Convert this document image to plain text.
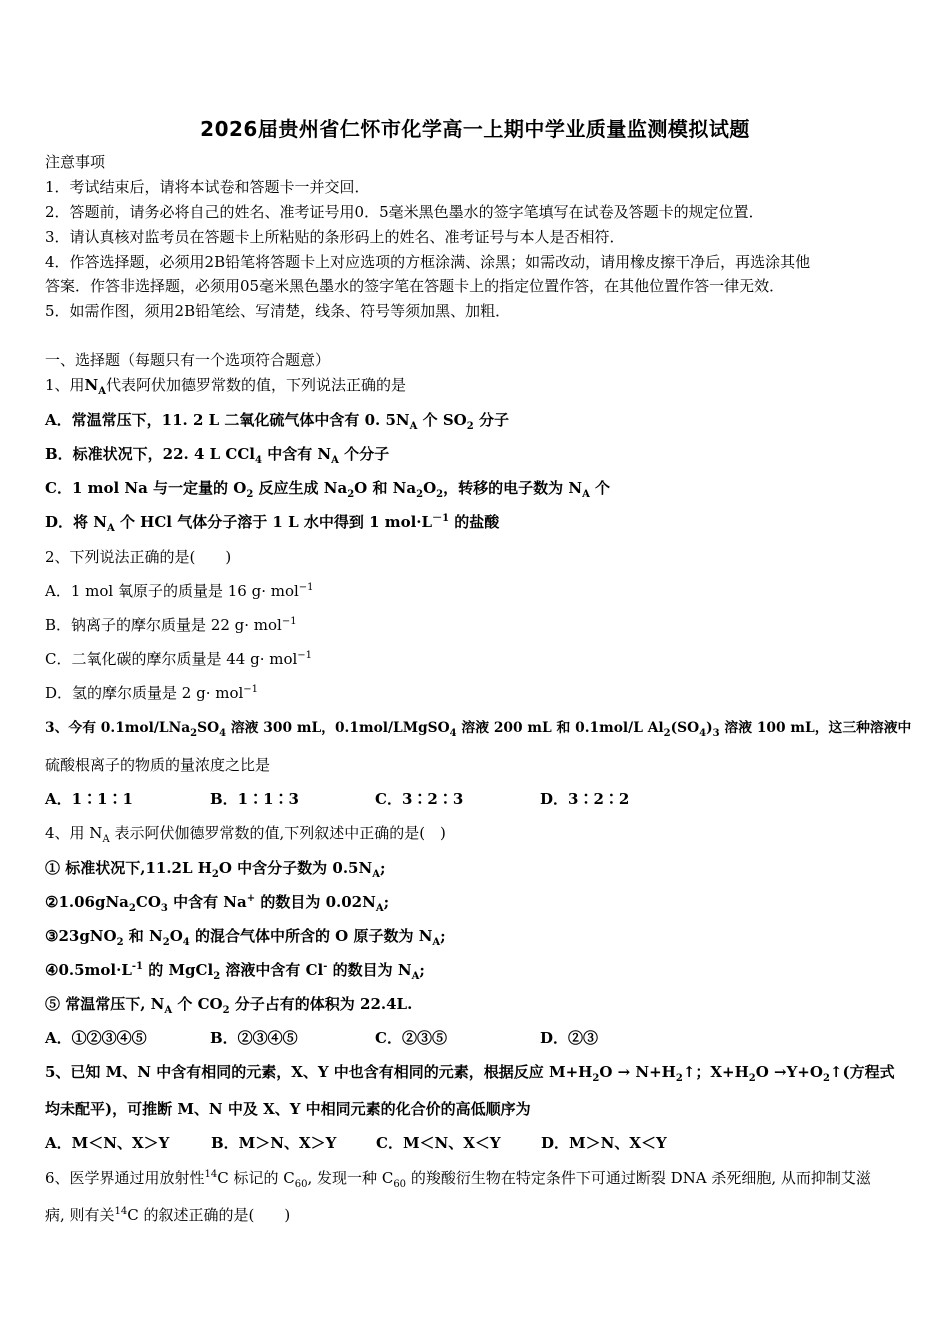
2026届贵州省仁怀市化学高一上期中学业质量监测模拟试题
注意事项
1．考试结束后，请将本试卷和答题卡一并交回．
2．答题前，请务必将自己的姓名、准考证号用0．5毫米黑色墨水的签字笔填写在试卷及答题卡的规定位置．
3．请认真核对监考员在答题卡上所粘贴的条形码上的姓名、准考证号与本人是否相符．
4．作答选择题，必须用2B铅笔将答题卡上对应选项的方框涂满、涂黑；如需改动，请用橡皮擦干净后，再选涂其他
答案．作答非选择题，必须用05毫米黑色墨水的签字笔在答题卡上的指定位置作答，在其他位置作答一律无效．
5．如需作图，须用2B铅笔绘、写清楚，线条、符号等须加黑、加粗．
一、选择题（每题只有一个选项符合题意）
1、用$N_A$代表阿伏加德罗常数的值，下列说法正确的是
A．常温常压下，11. 2 L 二氧化硫气体中含有 0. $5N_A$ 个 $SO_2$ 分子
B．标准状况下，22. 4 L CCl$_4$ 中含有 $N_A$ 个分子
C．1 mol Na 与一定量的 $O_2$ 反应生成 $Na_2O$ 和 $Na_2O_2$，转移的电子数为 $N_A$ 个
D．将 $N_A$ 个 HCl 气体分子溶于 1 L 水中得到 1 $mol\cdot L^{-1}$ 的盐酸
2、下列说法正确的是(　　)
A．1 mol 氧原子的质量是 16 g· mol$^{-1}$
B．钠离子的摩尔质量是 22 g· mol$^{-1}$
C．二氧化碳的摩尔质量是 44 g· mol$^{-1}$
D．氢的摩尔质量是 2 g· mol$^{-1}$
3、今有 $0.1mol/LNa_2SO_4$ 溶液 300 mL，0.1mol/LMgSO$_4$ 溶液 200 mL 和 0.1mol/L $Al_2(SO_4)_3$ 溶液 100 mL，这三种溶液中
硫酸根离子的物质的量浓度之比是
A．1∶1∶1	B．1∶1∶3	C．3∶2∶3	D．3∶2∶2
4、用 $N_A$ 表示阿伏伽德罗常数的值,下列叙述中正确的是(　)
① 标准状况下,11.2L $H_2O$ 中含分子数为 $0.5N_A$;
$②1.06gNa_2CO_3$ 中含有 Na+ 的数目为 $0.02N_A$;
③23gNO$_2$ 和 $N_2O_4$ 的混合气体中所含的 O 原子数为 $N_A$;
$④0.5mol\cdot L^{-1}$ 的 MgCl$_2$ 溶液中含有 Cl- 的数目为 $N_A$;
⑤ 常温常压下, $N_A$ 个 $CO_2$ 分子占有的体积为 22.4L.
A．①②③④⑤	B．②③④⑤	C．②③⑤	D．②③
5、已知 M、N 中含有相同的元素，X、Y 中也含有相同的元素，根据反应 $M+H_2O$ → $N+H_2↑$；$X+H_2O$ $\to Y+O_2↑$(方程式
均未配平)，可推断 M、N 中及 X、Y 中相同元素的化合价的高低顺序为
A．M＜N、X＞Y	B．M＞N、X＞Y	C．M＜N、X＜Y	D．M＞N、X＜Y
6、医学界通过用放射性$^{14}$C 标记的 $C_{60}$, 发现一种 $C_{60}$ 的羧酸衍生物在特定条件下可通过断裂 DNA 杀死细胞, 从而抑制艾滋
病, 则有关$^{14}$C 的叙述正确的是(　　)
